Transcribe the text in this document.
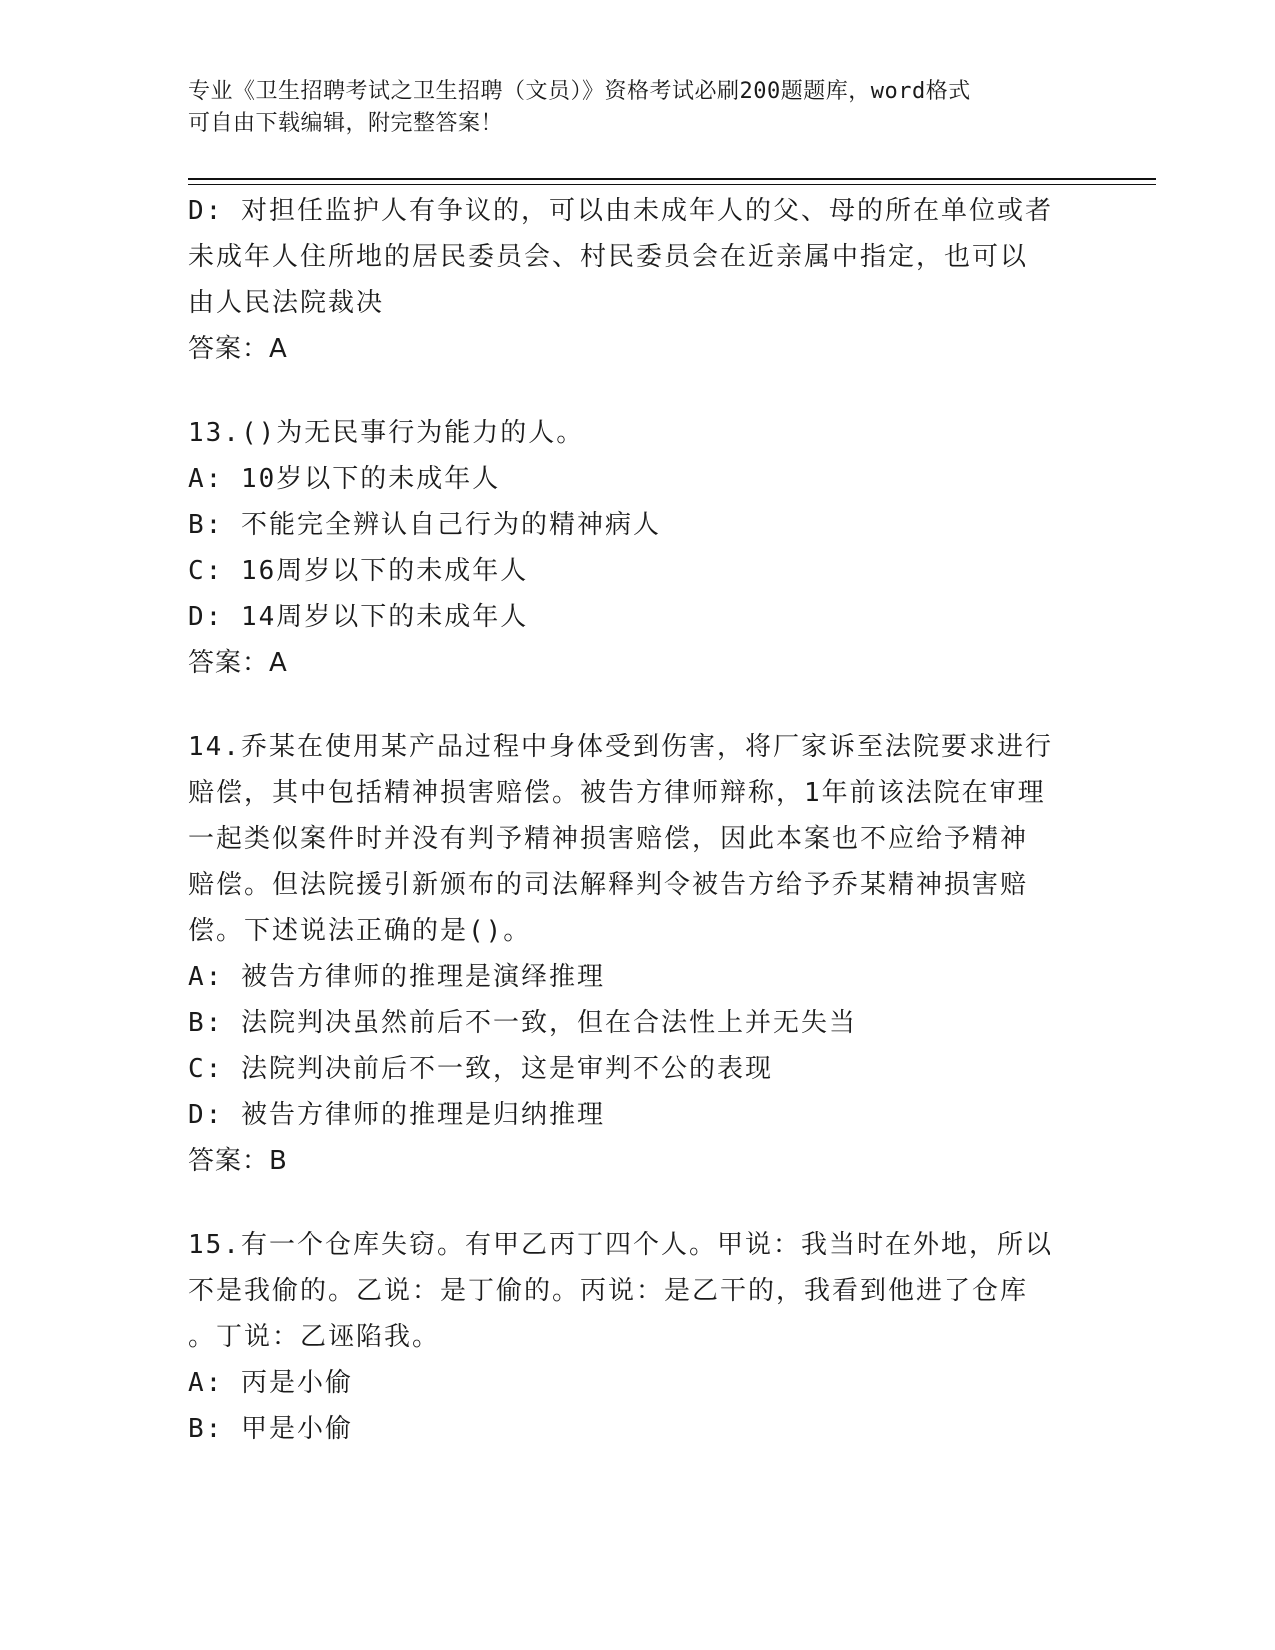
专业《卫生招聘考试之卫生招聘（文员）》资格考试必刷200题题库，word格式
可自由下载编辑，附完整答案！
D: 对担任监护人有争议的，可以由未成年人的父、母的所在单位或者
未成年人住所地的居民委员会、村民委员会在近亲属中指定，也可以
由人民法院裁决
答案：A
13.()为无民事行为能力的人。
A: 10岁以下的未成年人
B: 不能完全辨认自己行为的精神病人
C: 16周岁以下的未成年人
D: 14周岁以下的未成年人
答案：A
14.乔某在使用某产品过程中身体受到伤害，将厂家诉至法院要求进行
赔偿，其中包括精神损害赔偿。被告方律师辩称，1年前该法院在审理
一起类似案件时并没有判予精神损害赔偿，因此本案也不应给予精神
赔偿。但法院援引新颁布的司法解释判令被告方给予乔某精神损害赔
偿。下述说法正确的是()。
A: 被告方律师的推理是演绎推理
B: 法院判决虽然前后不一致，但在合法性上并无失当
C: 法院判决前后不一致，这是审判不公的表现
D: 被告方律师的推理是归纳推理
答案：B
15.有一个仓库失窃。有甲乙丙丁四个人。甲说：我当时在外地，所以
不是我偷的。乙说：是丁偷的。丙说：是乙干的，我看到他进了仓库
。丁说：乙诬陷我。
A: 丙是小偷
B: 甲是小偷
